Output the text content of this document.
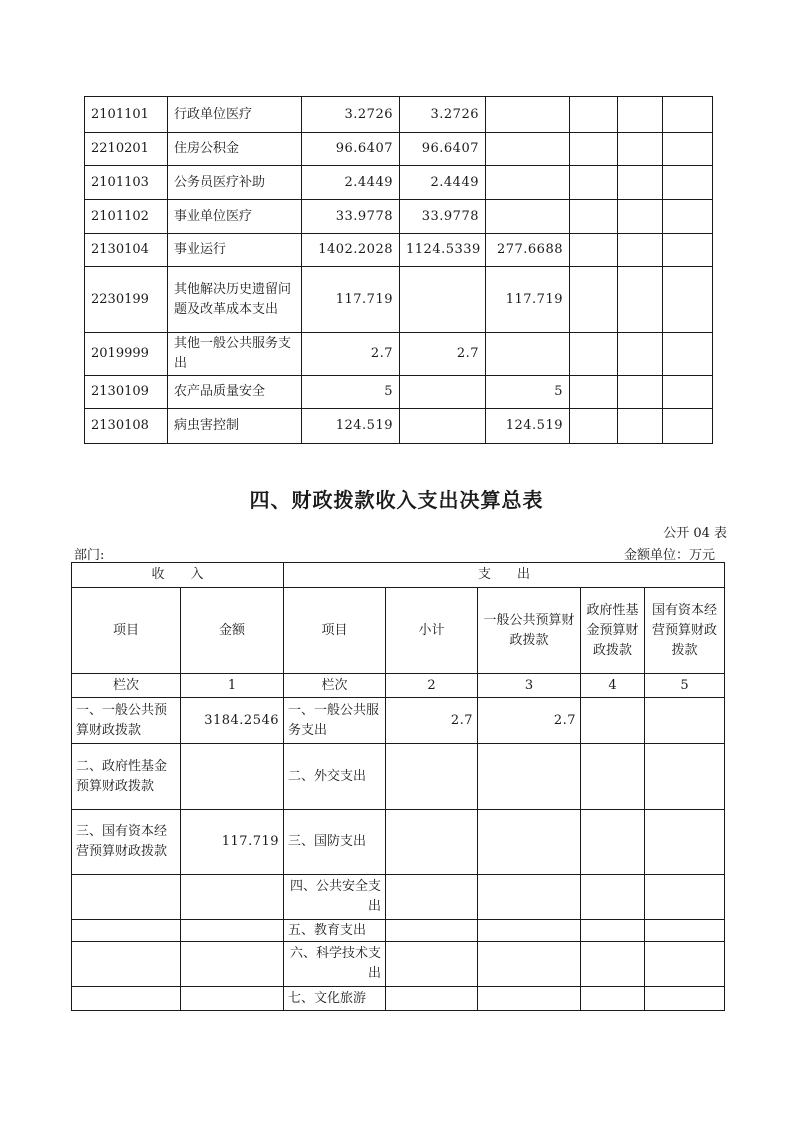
2101101	行政单位医疗	3.2726	3.2726				
2210201	住房公积金	96.6407	96.6407				
2101103	公务员医疗补助	2.4449	2.4449				
2101102	事业单位医疗	33.9778	33.9778				
2130104	事业运行	1402.2028	1124.5339	277.6688			
2230199	其他解决历史遗留问题及改革成本支出	117.719		117.719			
2019999	其他一般公共服务支出	2.7	2.7				
2130109	农产品质量安全	5		5			
2130108	病虫害控制	124.519		124.519			
四、财政拨款收入支出决算总表
公开 04 表
部门:	金额单位：万元
收　　入		支　　出				
项目	金额	项目	小计	一般公共预算财政拨款	政府性基金预算财政拨款	国有资本经营预算财政拨款
栏次	1	栏次	2	3	4	5
一、一般公共预算财政拨款	3184.2546	一、一般公共服务支出	2.7	2.7		
二、政府性基金预算财政拨款		二、外交支出				
三、国有资本经营预算财政拨款	117.719	三、国防支出				
		四、公共安全支出				
		五、教育支出				
		六、科学技术支出				
		七、文化旅游				
